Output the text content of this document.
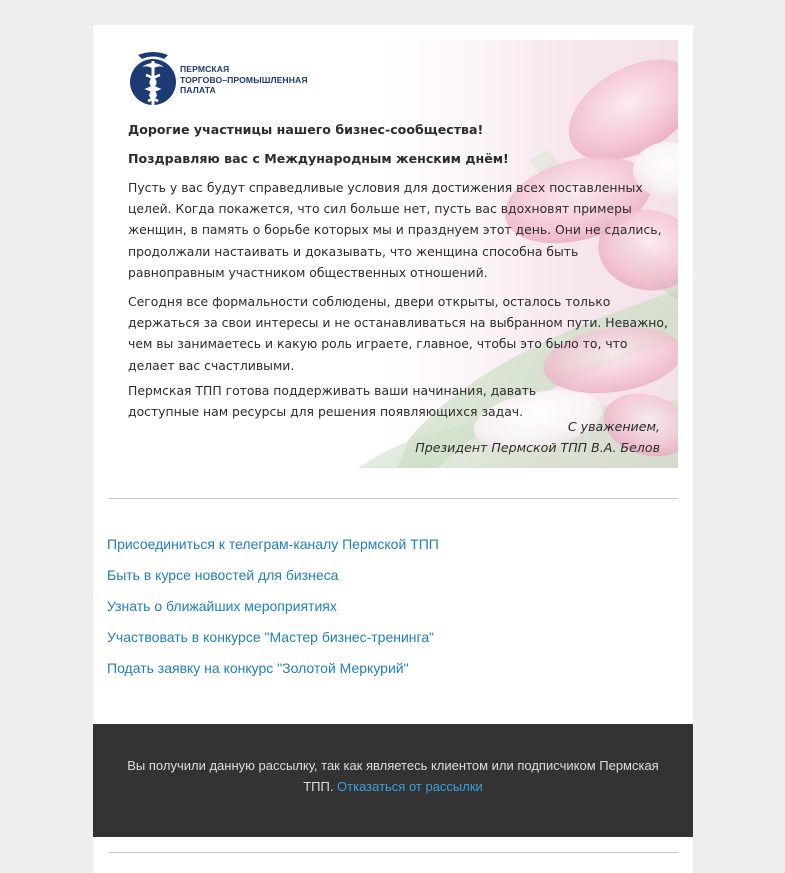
ПЕРМСКАЯ
ТОРГОВО–ПРОМЫШЛЕННАЯ
ПАЛАТА
Дорогие участницы нашего бизнес-сообщества!
Поздравляю вас с Международным женским днём!
Пусть у вас будут справедливые условия для достижения всех поставленных целей. Когда покажется, что сил больше нет, пусть вас вдохновят примеры женщин, в память о борьбе которых мы и празднуем этот день. Они не сдались, продолжали настаивать и доказывать, что женщина способна быть равноправным участником общественных отношений.
Сегодня все формальности соблюдены, двери открыты, осталось только держаться за свои интересы и не останавливаться на выбранном пути. Неважно, чем вы занимаетесь и какую роль играете, главное, чтобы это было то, что делает вас счастливыми.
Пермская ТПП готова поддерживать ваши начинания, давать доступные нам ресурсы для решения появляющихся задач.
С уважением,
Президент Пермской ТПП В.А. Белов
Присоединиться к телеграм-каналу Пермской ТПП
Быть в курсе новостей для бизнеса
Узнать о ближайших мероприятиях
Участвовать в конкурсе "Мастер бизнес-тренинга"
Подать заявку на конкурс "Золотой Меркурий"
Вы получили данную рассылку, так как являетесь клиентом или подписчиком Пермская ТПП. Отказаться от рассылки
